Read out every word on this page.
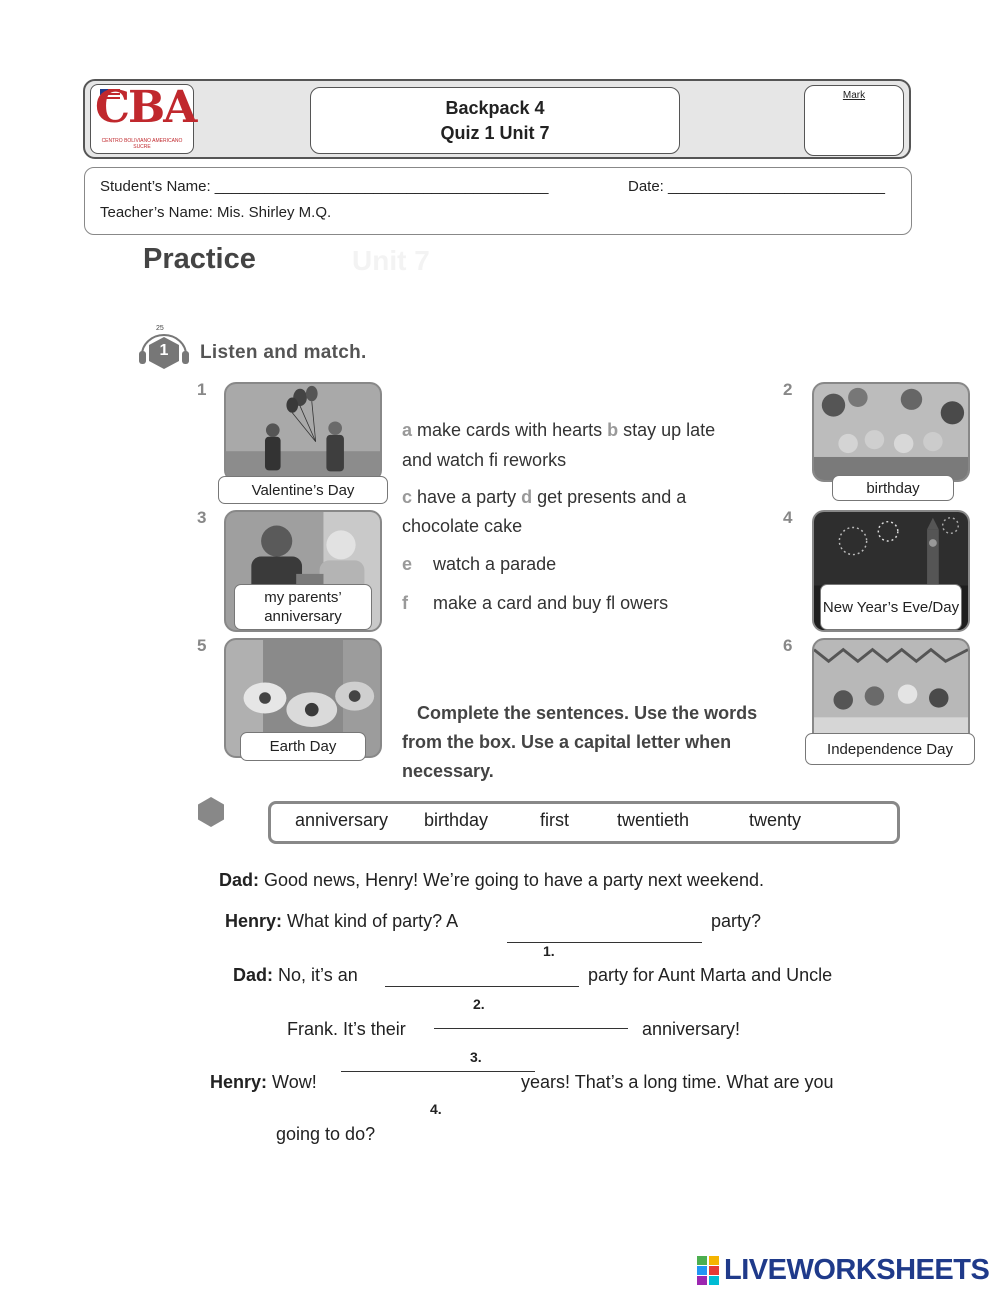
CBA
CENTRO BOLIVIANO AMERICANO SUCRE
Backpack 4
Quiz 1 Unit 7
Mark
Student’s Name: ________________________________________	Date: __________________________
Teacher’s Name: Mis. Shirley M.Q.
Practice	Unit 7
25
1	Listen and match.
1	2
3	4
5	6
Valentine’s Day	birthday
my parents’ anniversary
New Year’s Eve/Day
Earth Day	Independence Day
a make cards with hearts b stay up late
and watch fi reworks
c have a party d get presents and a
chocolate cake
e watch a parade
f make a card and buy fl owers
Complete the sentences. Use the words
from the box. Use a capital letter when
necessary.
anniversary birthday	first	twentieth	twenty
Dad: Good news, Henry! We’re going to have a party next weekend.
Henry: What kind of party? A
1.
party?
Dad: No, it’s an
2.
party for Aunt Marta and Uncle
Frank. It’s their
3.
anniversary!
Henry: Wow!
4.
years! That’s a long time. What are you
going to do?
LIVEWORKSHEETS
